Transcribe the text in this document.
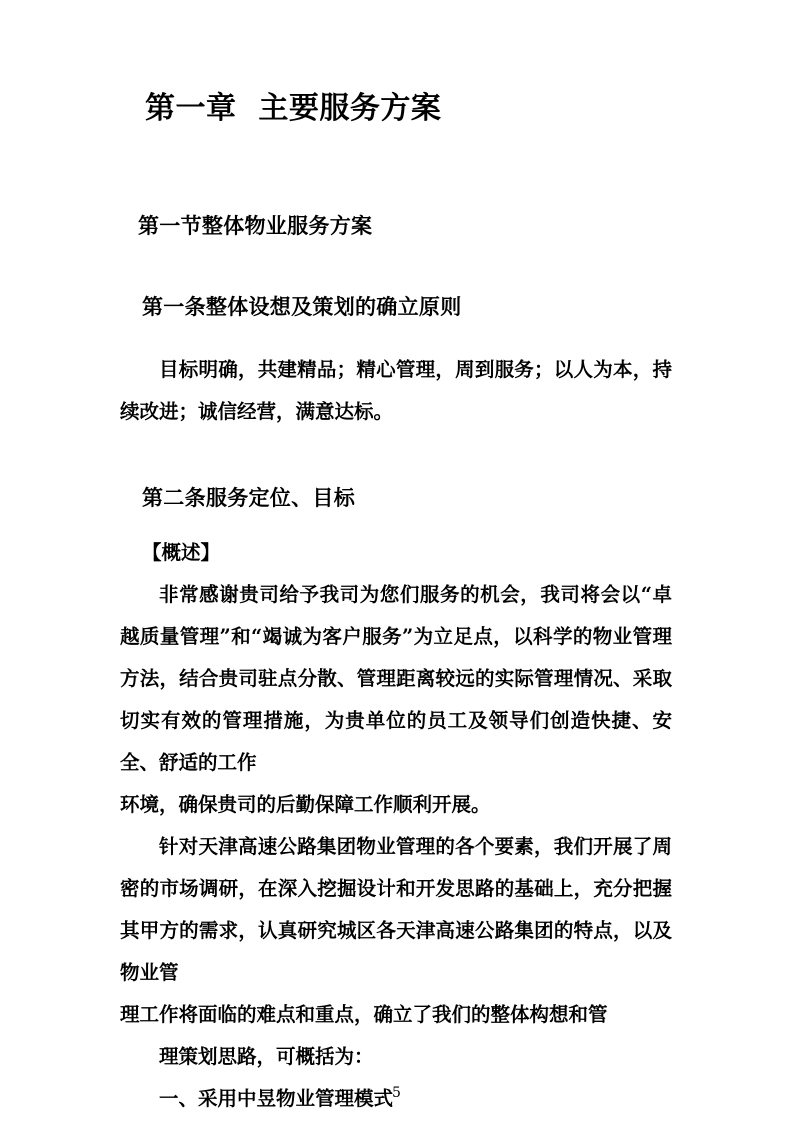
第一章  主要服务方案
第一节整体物业服务方案
第一条整体设想及策划的确立原则

目标明确，共建精品；精心管理，周到服务；以人为本，持续改进；诚信经营，满意达标。

第二条服务定位、目标

【概述】

非常感谢贵司给予我司为您们服务的机会，我司将会以“卓越质量管理”和“竭诚为客户服务”为立足点，以科学的物业管理方法，结合贵司驻点分散、管理距离较远的实际管理情况、采取切实有效的管理措施，为贵单位的员工及领导们创造快捷、安全、舒适的工作

环境，确保贵司的后勤保障工作顺利开展。

针对天津高速公路集团物业管理的各个要素，我们开展了周密的市场调研，在深入挖掘设计和开发思路的基础上，充分把握其甲方的需求，认真研究城区各天津高速公路集团的特点，以及物业管

理工作将面临的难点和重点，确立了我们的整体构想和管

理策划思路，可概括为：

一、采用中昱物业管理模式 5
